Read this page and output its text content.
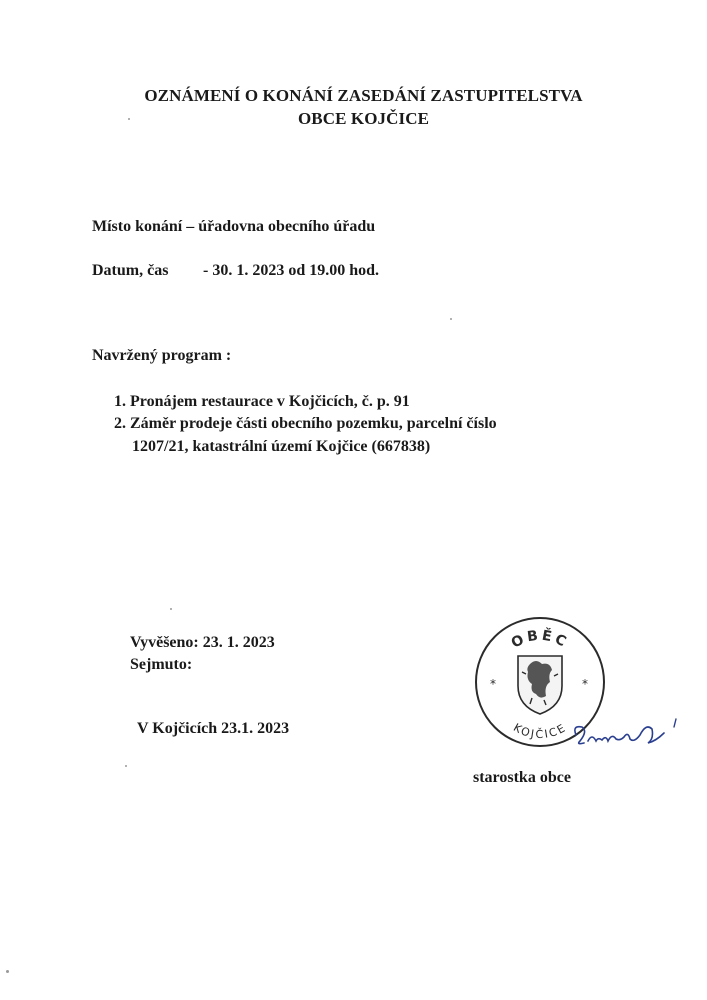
OZNÁMENÍ O KONÁNÍ ZASEDÁNÍ ZASTUPITELSTVA
OBCE KOJČICE
Místo konání – úřadovna obecního úřadu
Datum, čas - 30. 1. 2023 od 19.00 hod.
Navržený program :
1. Pronájem restaurace v Kojčicích, č. p. 91
2. Záměr prodeje části obecního pozemku, parcelní číslo
1207/21, katastrální území Kojčice (667838)
Vyvěšeno: 23. 1. 2023
Sejmuto:
V Kojčicích 23.1. 2023
starostka obce
OBĚC
KOJČICE
*	*
